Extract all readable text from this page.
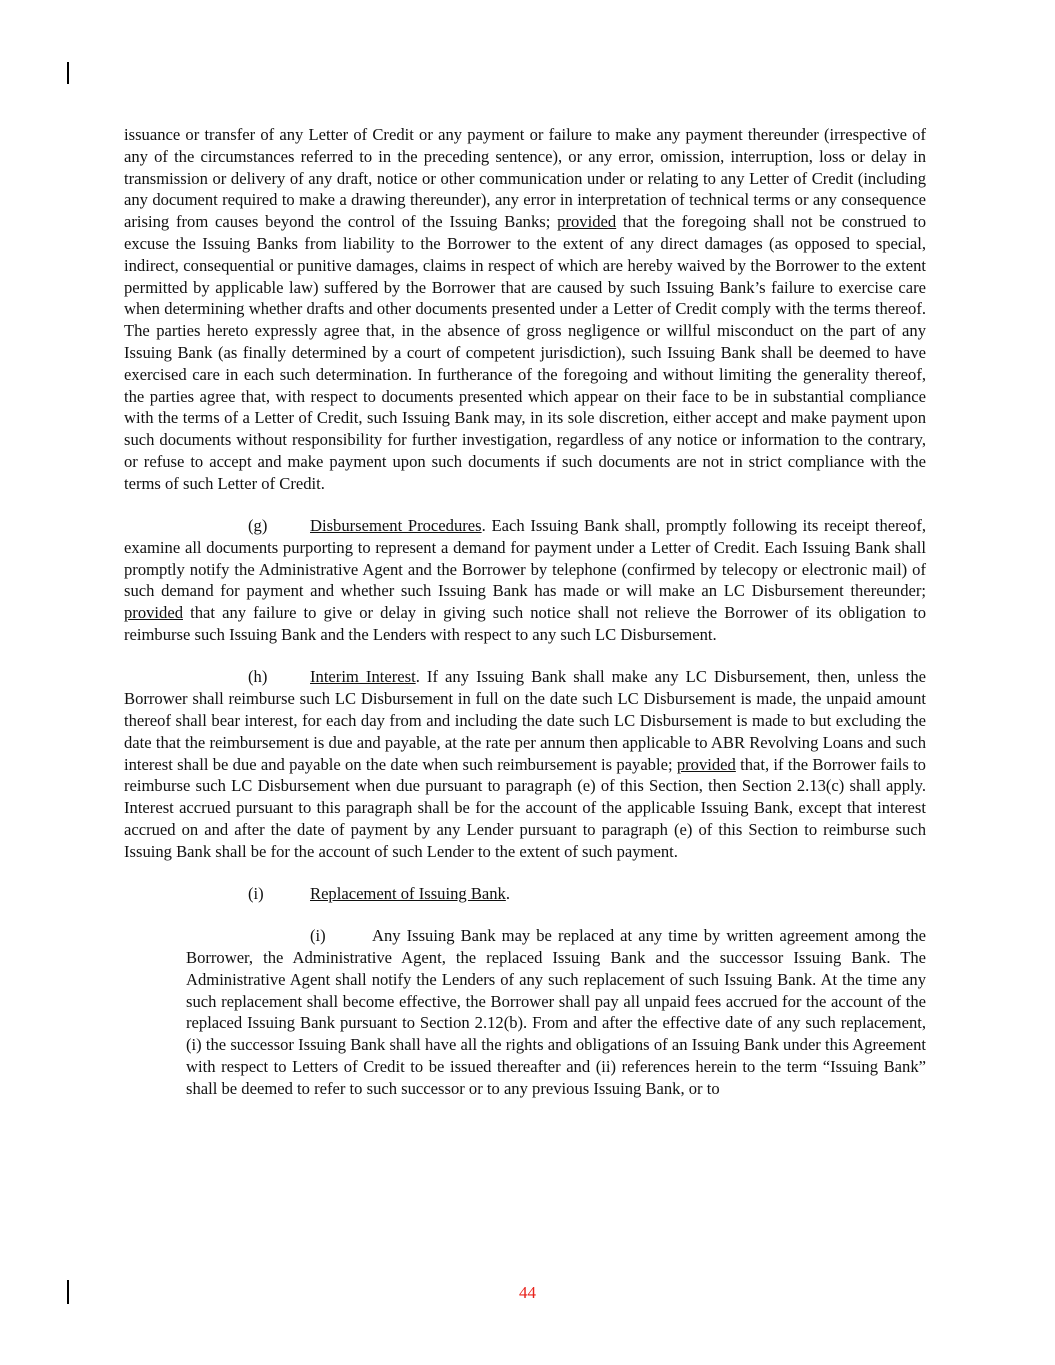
issuance or transfer of any Letter of Credit or any payment or failure to make any payment thereunder (irrespective of any of the circumstances referred to in the preceding sentence), or any error, omission, interruption, loss or delay in transmission or delivery of any draft, notice or other communication under or relating to any Letter of Credit (including any document required to make a drawing thereunder), any error in interpretation of technical terms or any consequence arising from causes beyond the control of the Issuing Banks; provided that the foregoing shall not be construed to excuse the Issuing Banks from liability to the Borrower to the extent of any direct damages (as opposed to special, indirect, consequential or punitive damages, claims in respect of which are hereby waived by the Borrower to the extent permitted by applicable law) suffered by the Borrower that are caused by such Issuing Bank’s failure to exercise care when determining whether drafts and other documents presented under a Letter of Credit comply with the terms thereof. The parties hereto expressly agree that, in the absence of gross negligence or willful misconduct on the part of any Issuing Bank (as finally determined by a court of competent jurisdiction), such Issuing Bank shall be deemed to have exercised care in each such determination. In furtherance of the foregoing and without limiting the generality thereof, the parties agree that, with respect to documents presented which appear on their face to be in substantial compliance with the terms of a Letter of Credit, such Issuing Bank may, in its sole discretion, either accept and make payment upon such documents without responsibility for further investigation, regardless of any notice or information to the contrary, or refuse to accept and make payment upon such documents if such documents are not in strict compliance with the terms of such Letter of Credit.

(g)	Disbursement Procedures. Each Issuing Bank shall, promptly following its receipt thereof, examine all documents purporting to represent a demand for payment under a Letter of Credit. Each Issuing Bank shall promptly notify the Administrative Agent and the Borrower by telephone (confirmed by telecopy or electronic mail) of such demand for payment and whether such Issuing Bank has made or will make an LC Disbursement thereunder; provided that any failure to give or delay in giving such notice shall not relieve the Borrower of its obligation to reimburse such Issuing Bank and the Lenders with respect to any such LC Disbursement.

(h)	Interim Interest. If any Issuing Bank shall make any LC Disbursement, then, unless the Borrower shall reimburse such LC Disbursement in full on the date such LC Disbursement is made, the unpaid amount thereof shall bear interest, for each day from and including the date such LC Disbursement is made to but excluding the date that the reimbursement is due and payable, at the rate per annum then applicable to ABR Revolving Loans and such interest shall be due and payable on the date when such reimbursement is payable; provided that, if the Borrower fails to reimburse such LC Disbursement when due pursuant to paragraph (e) of this Section, then Section 2.13(c) shall apply. Interest accrued pursuant to this paragraph shall be for the account of the applicable Issuing Bank, except that interest accrued on and after the date of payment by any Lender pursuant to paragraph (e) of this Section to reimburse such Issuing Bank shall be for the account of such Lender to the extent of such payment.

(i)	Replacement of Issuing Bank.

(i)	Any Issuing Bank may be replaced at any time by written agreement among the Borrower, the Administrative Agent, the replaced Issuing Bank and the successor Issuing Bank. The Administrative Agent shall notify the Lenders of any such replacement of such Issuing Bank. At the time any such replacement shall become effective, the Borrower shall pay all unpaid fees accrued for the account of the replaced Issuing Bank pursuant to Section 2.12(b). From and after the effective date of any such replacement, (i) the successor Issuing Bank shall have all the rights and obligations of an Issuing Bank under this Agreement with respect to Letters of Credit to be issued thereafter and (ii) references herein to the term “Issuing Bank” shall be deemed to refer to such successor or to any previous Issuing Bank, or to

44
